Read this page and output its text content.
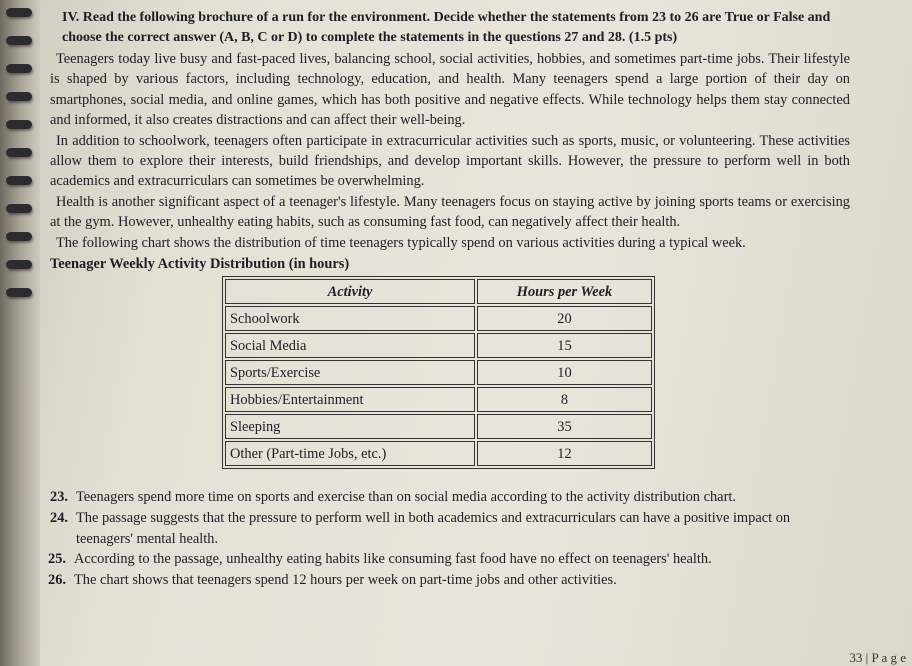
IV. Read the following brochure of a run for the environment. Decide whether the statements from 23 to 26 are True or False and choose the correct answer (A, B, C or D) to complete the statements in the questions 27 and 28. (1.5 pts)

Teenagers today live busy and fast-paced lives, balancing school, social activities, hobbies, and sometimes part-time jobs. Their lifestyle is shaped by various factors, including technology, education, and health. Many teenagers spend a large portion of their day on smartphones, social media, and online games, which has both positive and negative effects. While technology helps them stay connected and informed, it also creates distractions and can affect their well-being.

In addition to schoolwork, teenagers often participate in extracurricular activities such as sports, music, or volunteering. These activities allow them to explore their interests, build friendships, and develop important skills. However, the pressure to perform well in both academics and extracurriculars can sometimes be overwhelming.

Health is another significant aspect of a teenager's lifestyle. Many teenagers focus on staying active by joining sports teams or exercising at the gym. However, unhealthy eating habits, such as consuming fast food, can negatively affect their health.

The following chart shows the distribution of time teenagers typically spend on various activities during a typical week.

Teenager Weekly Activity Distribution (in hours)
Activity	Hours per Week
Schoolwork	20
Social Media	15
Sports/Exercise	10
Hobbies/Entertainment	8
Sleeping	35
Other (Part-time Jobs, etc.)	12
23. Teenagers spend more time on sports and exercise than on social media according to the activity distribution chart.
24. The passage suggests that the pressure to perform well in both academics and extracurriculars can have a positive impact on teenagers' mental health.
25. According to the passage, unhealthy eating habits like consuming fast food have no effect on teenagers' health.
26. The chart shows that teenagers spend 12 hours per week on part-time jobs and other activities.
33 | P a g e
